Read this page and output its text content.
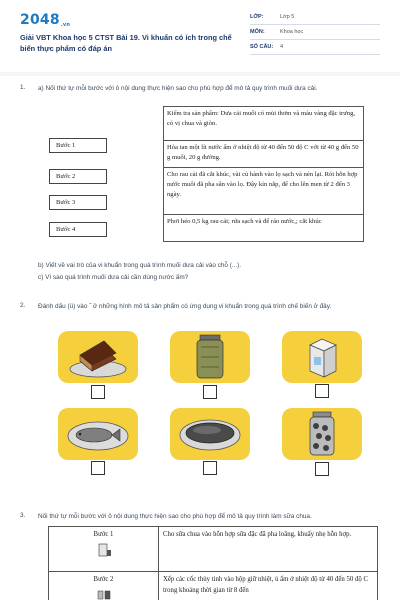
2048.vn
Giải VBT Khoa học 5 CTST Bài 19. Vi khuẩn có ích trong chế biến thực phẩm có đáp án
LỚP:	Lớp 5
MÔN:	Khoa học
SỐ CÂU:	4
1. a) Nối thứ tự mỗi bước với ô nội dung thực hiện sao cho phù hợp để mô tả quy trình muối dưa cải.
Kiểm tra sản phẩm: Dưa cải muối có mùi thơm và màu vàng đặc trưng, có vị chua và giòn.
Hòa tan một lít nước ấm ở nhiệt độ từ 40 đến 50 độ C với từ 40 g đến 50 g muối, 20 g đường.
Cho rau cải đã cắt khúc, vài củ hành vào lọ sạch và nén lại. Rót hỗn hợp nước muối đã pha sẵn vào lọ. Đậy kín nắp, để cho lên men từ 2 đến 3 ngày.
Phơi héo 0,5 kg rau cải; rửa sạch và để ráo nước,; cắt khúc
Bước 1
Bước 2
Bước 3
Bước 4
b) Viết về vai trò của vi khuẩn trong quá trình muối dưa cải vào chỗ (...).
c) Vì sao quá trình muối dưa cải cần dùng nước ấm?
2. Đánh dấu (ü) vào ˝ ở những hình mô tả sản phẩm có ứng dụng vi khuẩn trong quá trình chế biến ở đây.
3. Nối thứ tự mỗi bước với ô nội dung thực hiện sao cho phù hợp để mô tả quy trình làm sữa chua.
Bước 1	Cho sữa chua vào hỗn hợp sữa đặc đã pha loãng, khuấy nhẹ hỗn hợp.

Bước 2	Xếp các cốc thủy tinh vào hộp giữ nhiệt, ủ ấm ở nhiệt độ từ 40 đến 50 độ C trong khoảng thời gian từ 8 đến
